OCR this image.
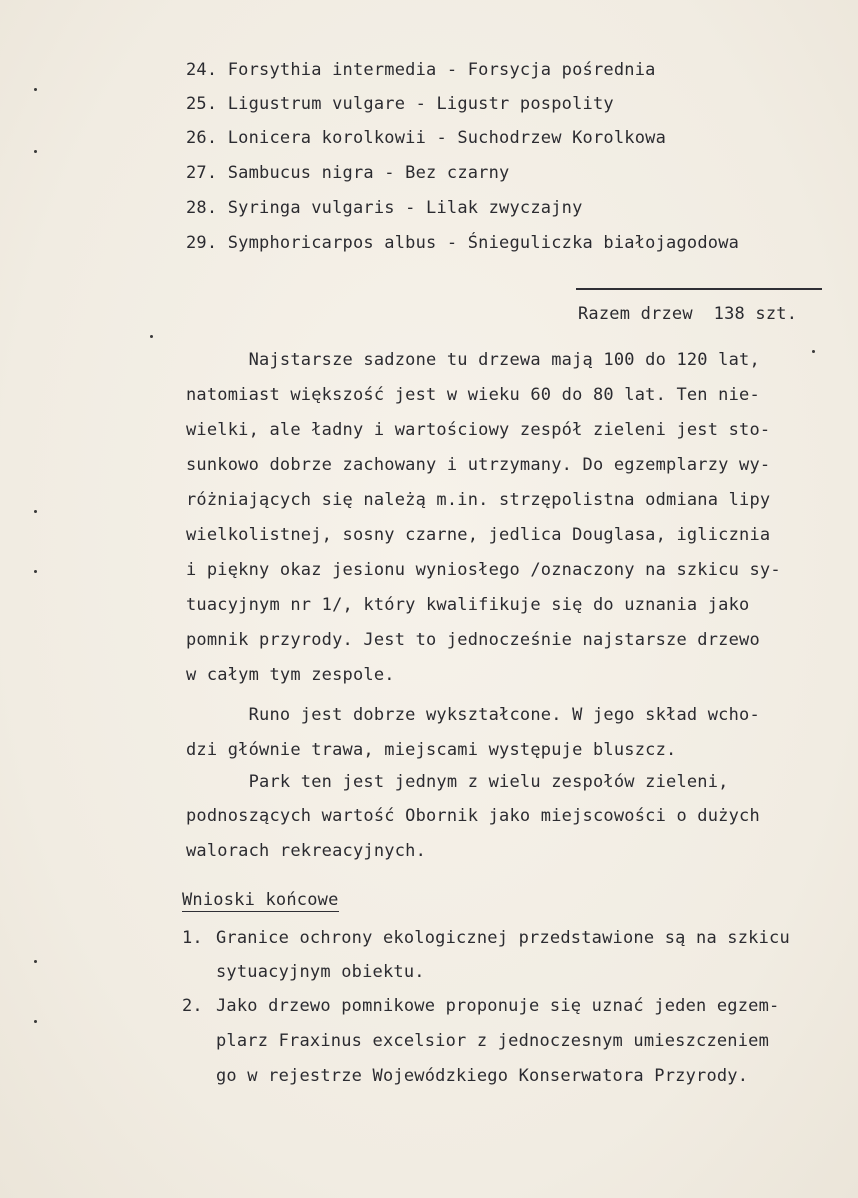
24. Forsythia intermedia - Forsycja pośrednia
25. Ligustrum vulgare - Ligustr pospolity
26. Lonicera korolkowii - Suchodrzew Korolkowa
27. Sambucus nigra - Bez czarny
28. Syringa vulgaris - Lilak zwyczajny
29. Symphoricarpos albus - Śnieguliczka białojagodowa
Razem drzew  138 szt.
Najstarsze sadzone tu drzewa mają 100 do 120 lat,
natomiast większość jest w wieku 60 do 80 lat. Ten nie-
wielki, ale ładny i wartościowy zespół zieleni jest sto-
sunkowo dobrze zachowany i utrzymany. Do egzemplarzy wy-
różniających się należą m.in. strzępolistna odmiana lipy
wielkolistnej, sosny czarne, jedlica Douglasa, iglicznia
i piękny okaz jesionu wyniosłego /oznaczony na szkicu sy-
tuacyjnym nr 1/, który kwalifikuje się do uznania jako
pomnik przyrody. Jest to jednocześnie najstarsze drzewo
w całym tym zespole.
Runo jest dobrze wykształcone. W jego skład wcho-
dzi głównie trawa, miejscami występuje bluszcz.
Park ten jest jednym z wielu zespołów zieleni,
podnoszących wartość Obornik jako miejscowości o dużych
walorach rekreacyjnych.
Wnioski końcowe
1. Granice ochrony ekologicznej przedstawione są na szkicu
sytuacyjnym obiektu.
2. Jako drzewo pomnikowe proponuje się uznać jeden egzem-
plarz Fraxinus excelsior z jednoczesnym umieszczeniem
go w rejestrze Wojewódzkiego Konserwatora Przyrody.
